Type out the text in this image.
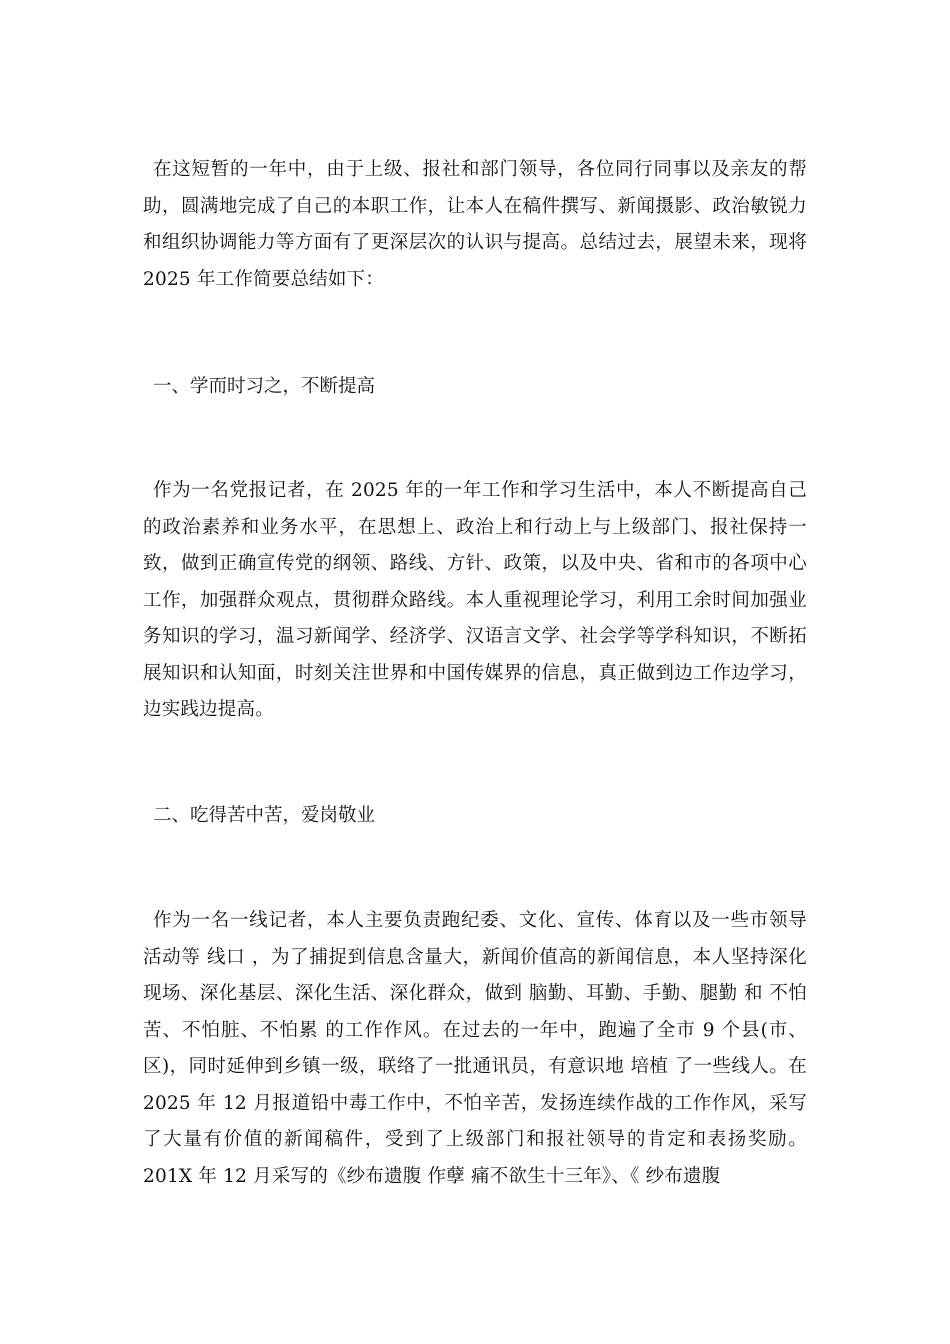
在这短暂的一年中，由于上级、报社和部门领导，各位同行同事以及亲友的帮助，圆满地完成了自己的本职工作，让本人在稿件撰写、新闻摄影、政治敏锐力和组织协调能力等方面有了更深层次的认识与提高。总结过去，展望未来，现将 2025 年工作简要总结如下：

一、学而时习之，不断提高

作为一名党报记者，在 2025 年的一年工作和学习生活中，本人不断提高自己的政治素养和业务水平，在思想上、政治上和行动上与上级部门、报社保持一致，做到正确宣传党的纲领、路线、方针、政策，以及中央、省和市的各项中心工作，加强群众观点，贯彻群众路线。本人重视理论学习，利用工余时间加强业务知识的学习，温习新闻学、经济学、汉语言文学、社会学等学科知识，不断拓展知识和认知面，时刻关注世界和中国传媒界的信息，真正做到边工作边学习，边实践边提高。

二、吃得苦中苦，爱岗敬业

作为一名一线记者，本人主要负责跑纪委、文化、宣传、体育以及一些市领导活动等 线口 ，为了捕捉到信息含量大，新闻价值高的新闻信息，本人坚持深化现场、深化基层、深化生活、深化群众，做到 脑勤、耳勤、手勤、腿勤 和 不怕苦、不怕脏、不怕累 的工作作风。在过去的一年中，跑遍了全市 9 个县(市、区)，同时延伸到乡镇一级，联络了一批通讯员，有意识地 培植 了一些线人。在 2025 年 12 月报道铅中毒工作中，不怕辛苦，发扬连续作战的工作作风，采写了大量有价值的新闻稿件，受到了上级部门和报社领导的肯定和表扬奖励。201X 年 12 月采写的《纱布遗腹 作孽 痛不欲生十三年》、《 纱布遗腹
